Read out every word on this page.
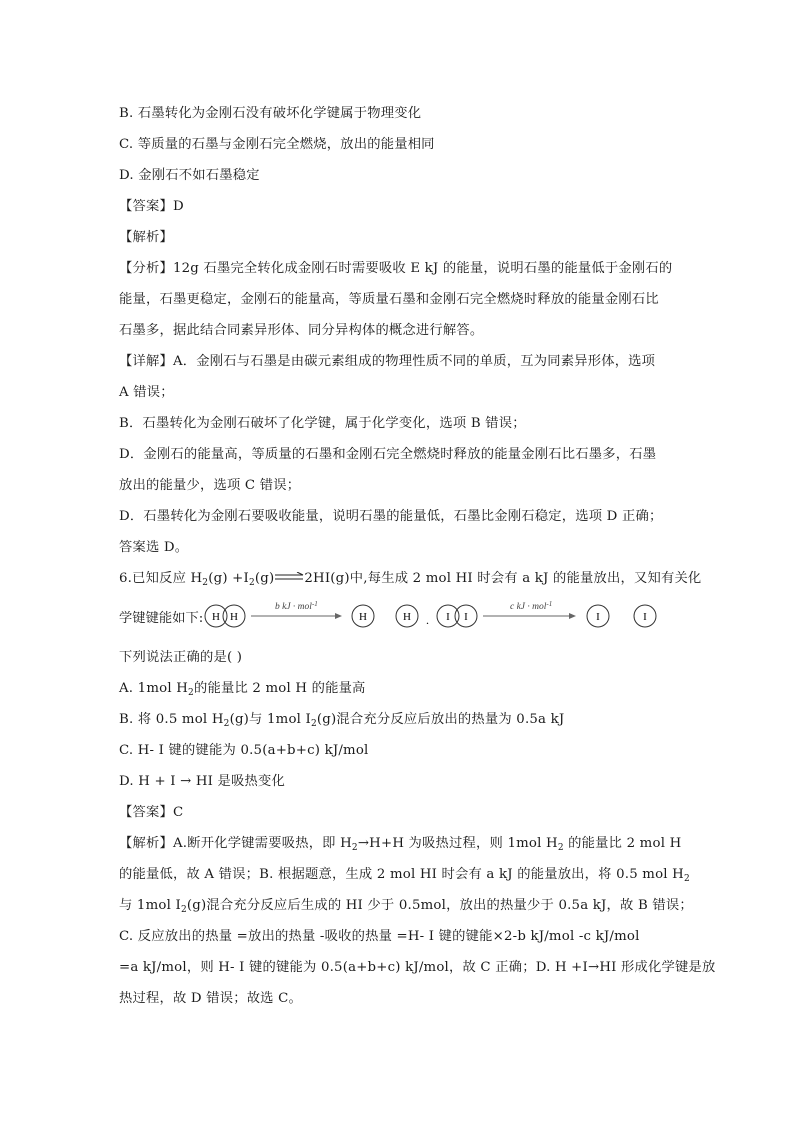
B. 石墨转化为金刚石没有破坏化学键属于物理变化
C. 等质量的石墨与金刚石完全燃烧，放出的能量相同
D. 金刚石不如石墨稳定
【答案】D
【解析】
【分析】12g 石墨完全转化成金刚石时需要吸收 E kJ 的能量，说明石墨的能量低于金刚石的
能量，石墨更稳定，金刚石的能量高，等质量石墨和金刚石完全燃烧时释放的能量金刚石比
石墨多，据此结合同素异形体、同分异构体的概念进行解答。
【详解】A．金刚石与石墨是由碳元素组成的物理性质不同的单质，互为同素异形体，选项
A 错误；
B．石墨转化为金刚石破坏了化学键，属于化学变化，选项 B 错误；
D．金刚石的能量高，等质量的石墨和金刚石完全燃烧时释放的能量金刚石比石墨多，石墨
放出的能量少，选项 C 错误；
D．石墨转化为金刚石要吸收能量，说明石墨的能量低，石墨比金刚石稳定，选项 D 正确；
答案选 D。
6.已知反应 $H_2(g) +I_2(g)$ 2HI(g)中,每生成 2 mol HI 时会有 a kJ 的能量放出，又知有关化
学键键能如下: H H
b kJ · mol$^{-1}$
H	H . I I
c kJ · mol$^{-1}$
I	I
下列说法正确的是( )
A. 1mol $H_2$的能量比 2 mol H 的能量高
B. 将 0.5 mol $H_2(g)$与 1mol $I_2(g)$混合充分反应后放出的热量为 0.5a kJ
C. H- I 键的键能为 0.5(a+b+c) kJ/mol
D. H + I → HI 是吸热变化
【答案】C
【解析】A.断开化学键需要吸热，即 $H_2\to H+H$ 为吸热过程，则 1mol $H_2$ 的能量比 2 mol H
的能量低，故 A 错误；B. 根据题意，生成 2 mol HI 时会有 a kJ 的能量放出，将 0.5 mol $H_2$
与 1mol $I_2(g)$混合充分反应后生成的 HI 少于 0.5mol，放出的热量少于 0.5a kJ，故 B 错误；
C. 反应放出的热量 =放出的热量 -吸收的热量 =H- I 键的键能×2-b kJ/mol -c kJ/mol
=a kJ/mol，则 H- I 键的键能为 0.5(a+b+c) kJ/mol，故 C 正确；D. H +I→HI 形成化学键是放
热过程，故 D 错误；故选 C。
